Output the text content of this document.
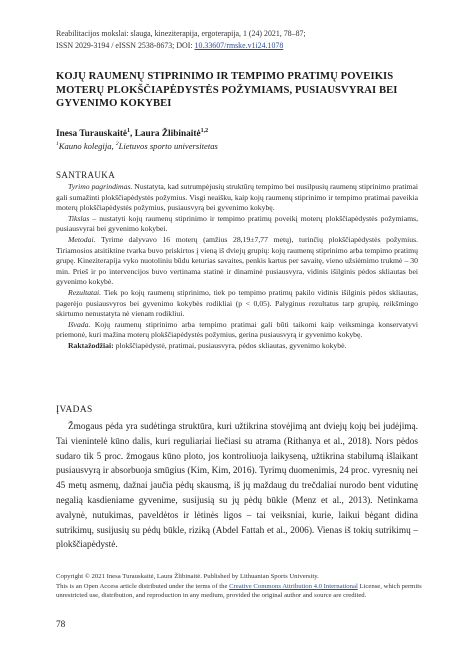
Reabilitacijos mokslai: slauga, kineziterapija, ergoterapija, 1 (24) 2021, 78–87;
ISSN 2029-3194 / eISSN 2538-8673; DOI: 10.33607/rmske.v1i24.1078
KOJŲ RAUMENŲ STIPRINIMO IR TEMPIMO PRATIMŲ POVEIKIS MOTERŲ PLOKŠČIAPĖDYSTĖS POŽYMIAMS, PUSIAUSVYRAI BEI GYVENIMO KOKYBEI
Inesa Turauskaitė$^1$, Laura Žlibinaitė$^{1,2}$
$^1$Kauno kolegija, $^2$Lietuvos sporto universitetas
SANTRAUKA

Tyrimo pagrindimas. Nustatyta, kad sutrumpėjusių struktūrų tempimo bei nusilpusių raumenų stiprinimo pratimai gali sumažinti plokščiapėdystės požymius. Visgi neaišku, kaip kojų raumenų stiprinimo ir tempimo pratimai paveikia moterų plokščiapėdystės požymius, pusiausvyrą bei gyvenimo kokybę.

Tikslas – nustatyti kojų raumenų stiprinimo ir tempimo pratimų poveikį moterų plokščiapėdystės požymiams, pusiausvyrai bei gyvenimo kokybei.

Metodai. Tyrime dalyvavo 16 moterų (amžius 28,19±7,77 metų), turinčių plokščiapėdystės požymius. Tiriamosios atsitiktine tvarka buvo priskirtos į vieną iš dviejų grupių: kojų raumenų stiprinimo arba tempimo pratimų grupę. Kineziterapija vyko nuotoliniu būdu keturias savaites, penkis kartus per savaitę, vieno užsiėmimo trukmė – 30 min. Prieš ir po intervencijos buvo vertinama statinė ir dinaminė pusiausvyra, vidinis išilginis pėdos skliautas bei gyvenimo kokybė.

Rezultatai. Tiek po kojų raumenų stiprinimo, tiek po tempimo pratimų pakilo vidinis išilginis pėdos skliautas, pagerėjo pusiausvyros bei gyvenimo kokybės rodikliai (p < 0,05). Palyginus rezultatus tarp grupių, reikšmingo skirtumo nenustatyta nė vienam rodikliui.

Išvada. Kojų raumenų stiprinimo arba tempimo pratimai gali būti taikomi kaip veiksminga konservatyvi priemonė, kuri mažina moterų plokščiapėdystės požymius, gerina pusiausvyrą ir gyvenimo kokybę.

Raktažodžiai: plokščiapėdystė, pratimai, pusiausvyra, pėdos skliautas, gyvenimo kokybė.

ĮVADAS
Žmogaus pėda yra sudėtinga struktūra, kuri užtikrina stovėjimą ant dviejų kojų bei judėjimą. Tai vienintelė kūno dalis, kuri reguliariai liečiasi su atrama (Rithanya et al., 2018). Nors pėdos sudaro tik 5 proc. žmogaus kūno ploto, jos kontroliuoja laikyseną, užtikrina stabilumą išlaikant pusiausvyrą ir absorbuoja smūgius (Kim, Kim, 2016). Tyrimų duomenimis, 24 proc. vyresnių nei 45 metų asmenų, dažnai jaučia pėdų skausmą, iš jų maždaug du trečdaliai nurodo bent vidutinę negalią kasdieniame gyvenime, susijusią su jų pėdų būkle (Menz et al., 2013). Netinkama avalynė, nutukimas, paveldėtos ir lėtinės ligos – tai veiksniai, kurie, laikui bėgant didina sutrikimų, susijusių su pėdų būkle, riziką (Abdel Fattah et al., 2006). Vienas iš tokių sutrikimų – plokščiapėdystė.
Copyright © 2021 Inesa Turauskaitė, Laura Žlibinaitė. Published by Lithuanian Sports University.
This is an Open Access article distributed under the terms of the Creative Commons Attribution 4.0 International License, which permits unrestricted use, distribution, and reproduction in any medium, provided the original author and source are credited.
78
